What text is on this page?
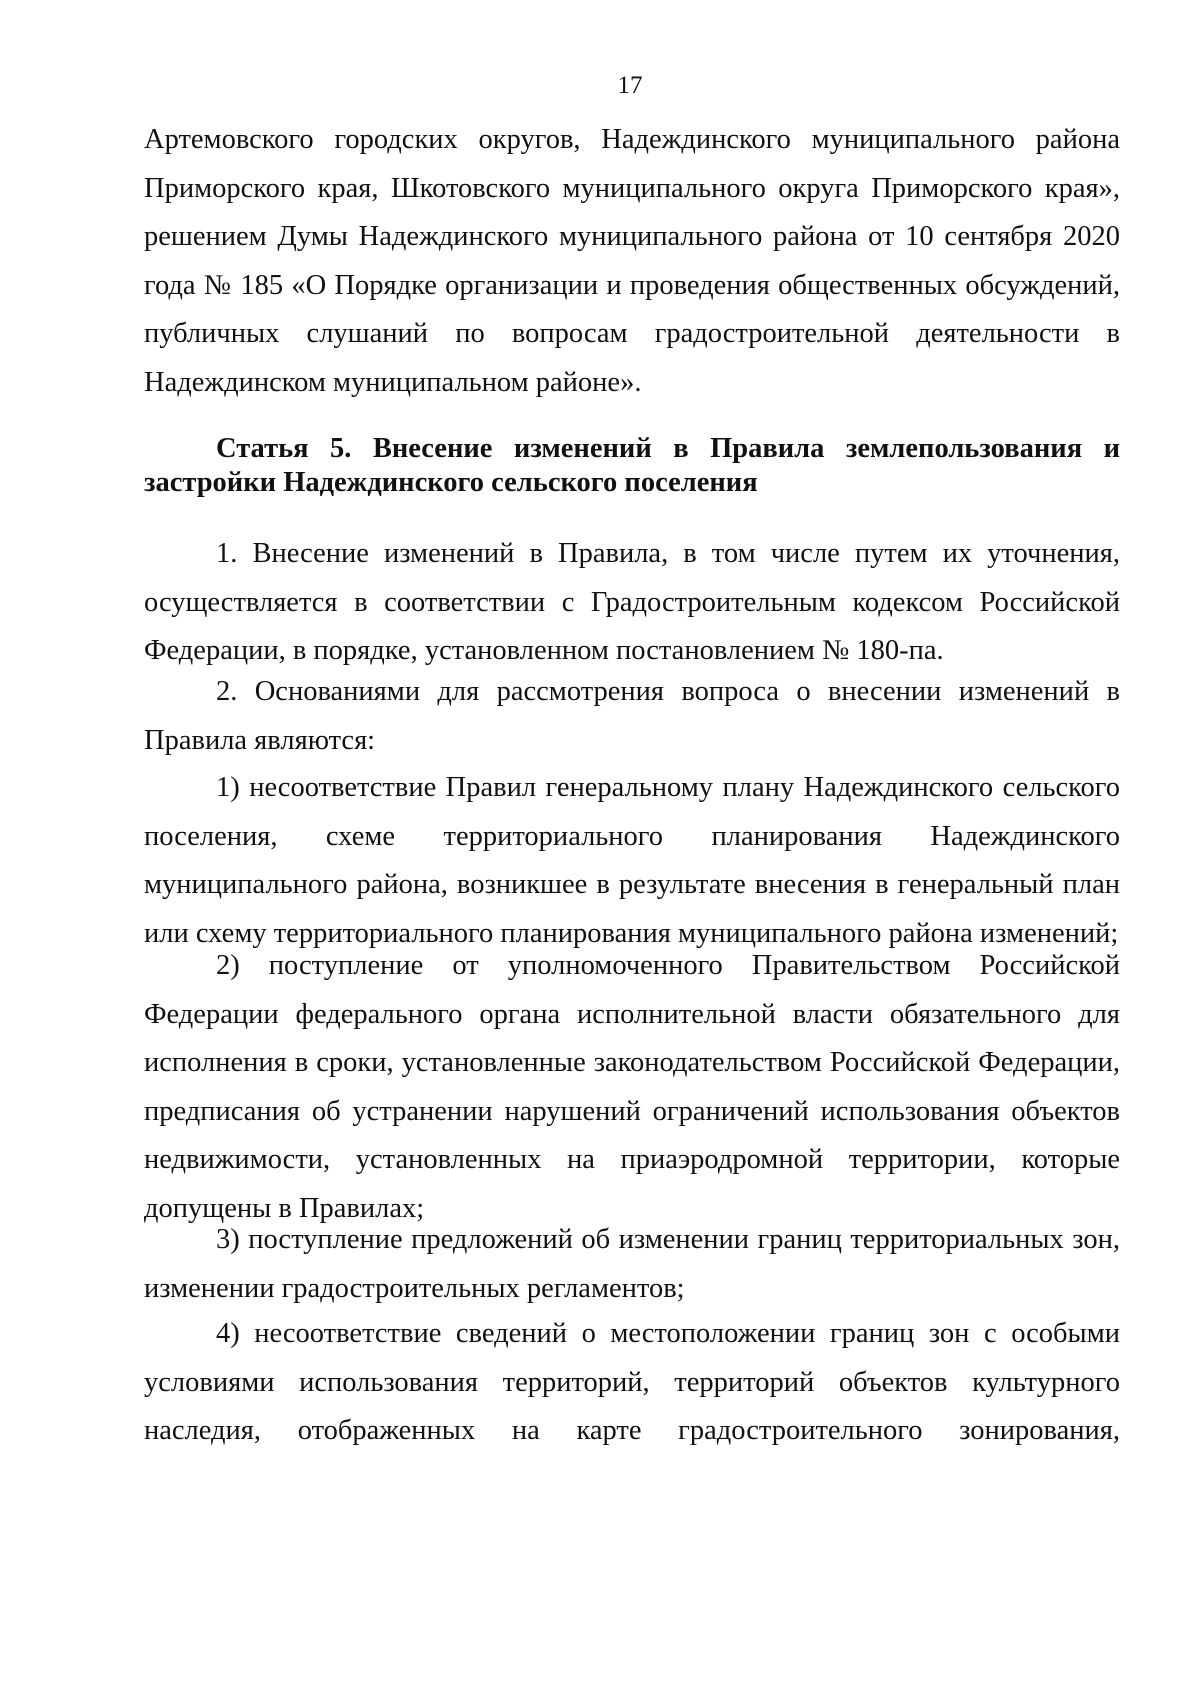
17

Артемовского городских округов, Надеждинского муниципального района Приморского края, Шкотовского муниципального округа Приморского края», решением Думы Надеждинского муниципального района от 10 сентября 2020 года № 185 «О Порядке организации и проведения общественных обсуждений, публичных слушаний по вопросам градостроительной деятельности в Надеждинском муниципальном районе».

Статья 5. Внесение изменений в Правила землепользования и застройки Надеждинского сельского поселения

1. Внесение изменений в Правила, в том числе путем их уточнения, осуществляется в соответствии с Градостроительным кодексом Российской Федерации, в порядке, установленном постановлением № 180-па.

2. Основаниями для рассмотрения вопроса о внесении изменений в Правила являются:

1) несоответствие Правил генеральному плану Надеждинского сельского поселения, схеме территориального планирования Надеждинского муниципального района, возникшее в результате внесения в генеральный план или схему территориального планирования муниципального района изменений;

2) поступление от уполномоченного Правительством Российской Федерации федерального органа исполнительной власти обязательного для исполнения в сроки, установленные законодательством Российской Федерации, предписания об устранении нарушений ограничений использования объектов недвижимости, установленных на приаэродромной территории, которые допущены в Правилах;

3) поступление предложений об изменении границ территориальных зон, изменении градостроительных регламентов;

4) несоответствие сведений о местоположении границ зон с особыми условиями использования территорий, территорий объектов культурного наследия, отображенных на карте градостроительного зонирования,
